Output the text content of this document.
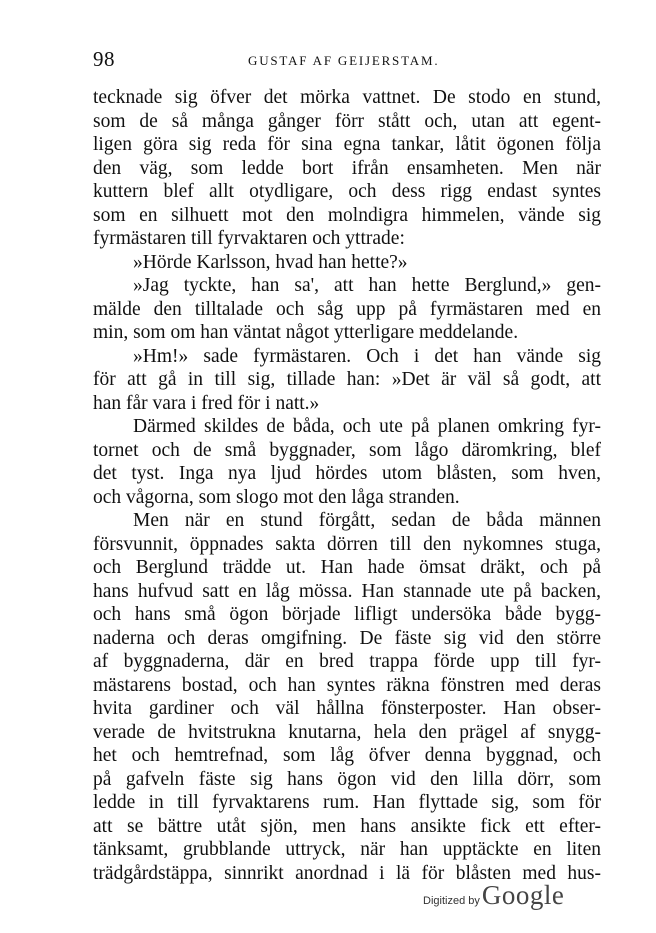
98	GUSTAF AF GEIJERSTAM.
tecknade sig öfver det mörka vattnet. De stodo en stund,
som de så många gånger förr stått och, utan att egent-
ligen göra sig reda för sina egna tankar, låtit ögonen följa
den väg, som ledde bort ifrån ensamheten. Men när
kuttern blef allt otydligare, och dess rigg endast syntes
som en silhuett mot den molndigra himmelen, vände sig
fyrmästaren till fyrvaktaren och yttrade:
»Hörde Karlsson, hvad han hette?»
»Jag tyckte, han sa', att han hette Berglund,» gen-
mälde den tilltalade och såg upp på fyrmästaren med en
min, som om han väntat något ytterligare meddelande.
»Hm!» sade fyrmästaren. Och i det han vände sig
för att gå in till sig, tillade han: »Det är väl så godt, att
han får vara i fred för i natt.»
Därmed skildes de båda, och ute på planen omkring fyr-
tornet och de små byggnader, som lågo däromkring, blef
det tyst. Inga nya ljud hördes utom blåsten, som hven,
och vågorna, som slogo mot den låga stranden.
Men när en stund förgått, sedan de båda männen
försvunnit, öppnades sakta dörren till den nykomnes stuga,
och Berglund trädde ut. Han hade ömsat dräkt, och på
hans hufvud satt en låg mössa. Han stannade ute på backen,
och hans små ögon började lifligt undersöka både bygg-
naderna och deras omgifning. De fäste sig vid den större
af byggnaderna, där en bred trappa förde upp till fyr-
mästarens bostad, och han syntes räkna fönstren med deras
hvita gardiner och väl hållna fönsterposter. Han obser-
verade de hvitstrukna knutarna, hela den prägel af snygg-
het och hemtrefnad, som låg öfver denna byggnad, och
på gafveln fäste sig hans ögon vid den lilla dörr, som
ledde in till fyrvaktarens rum. Han flyttade sig, som för
att se bättre utåt sjön, men hans ansikte fick ett efter-
tänksamt, grubblande uttryck, när han upptäckte en liten
trädgårdstäppa, sinnrikt anordnad i lä för blåsten med hus-
Digitized by Google
